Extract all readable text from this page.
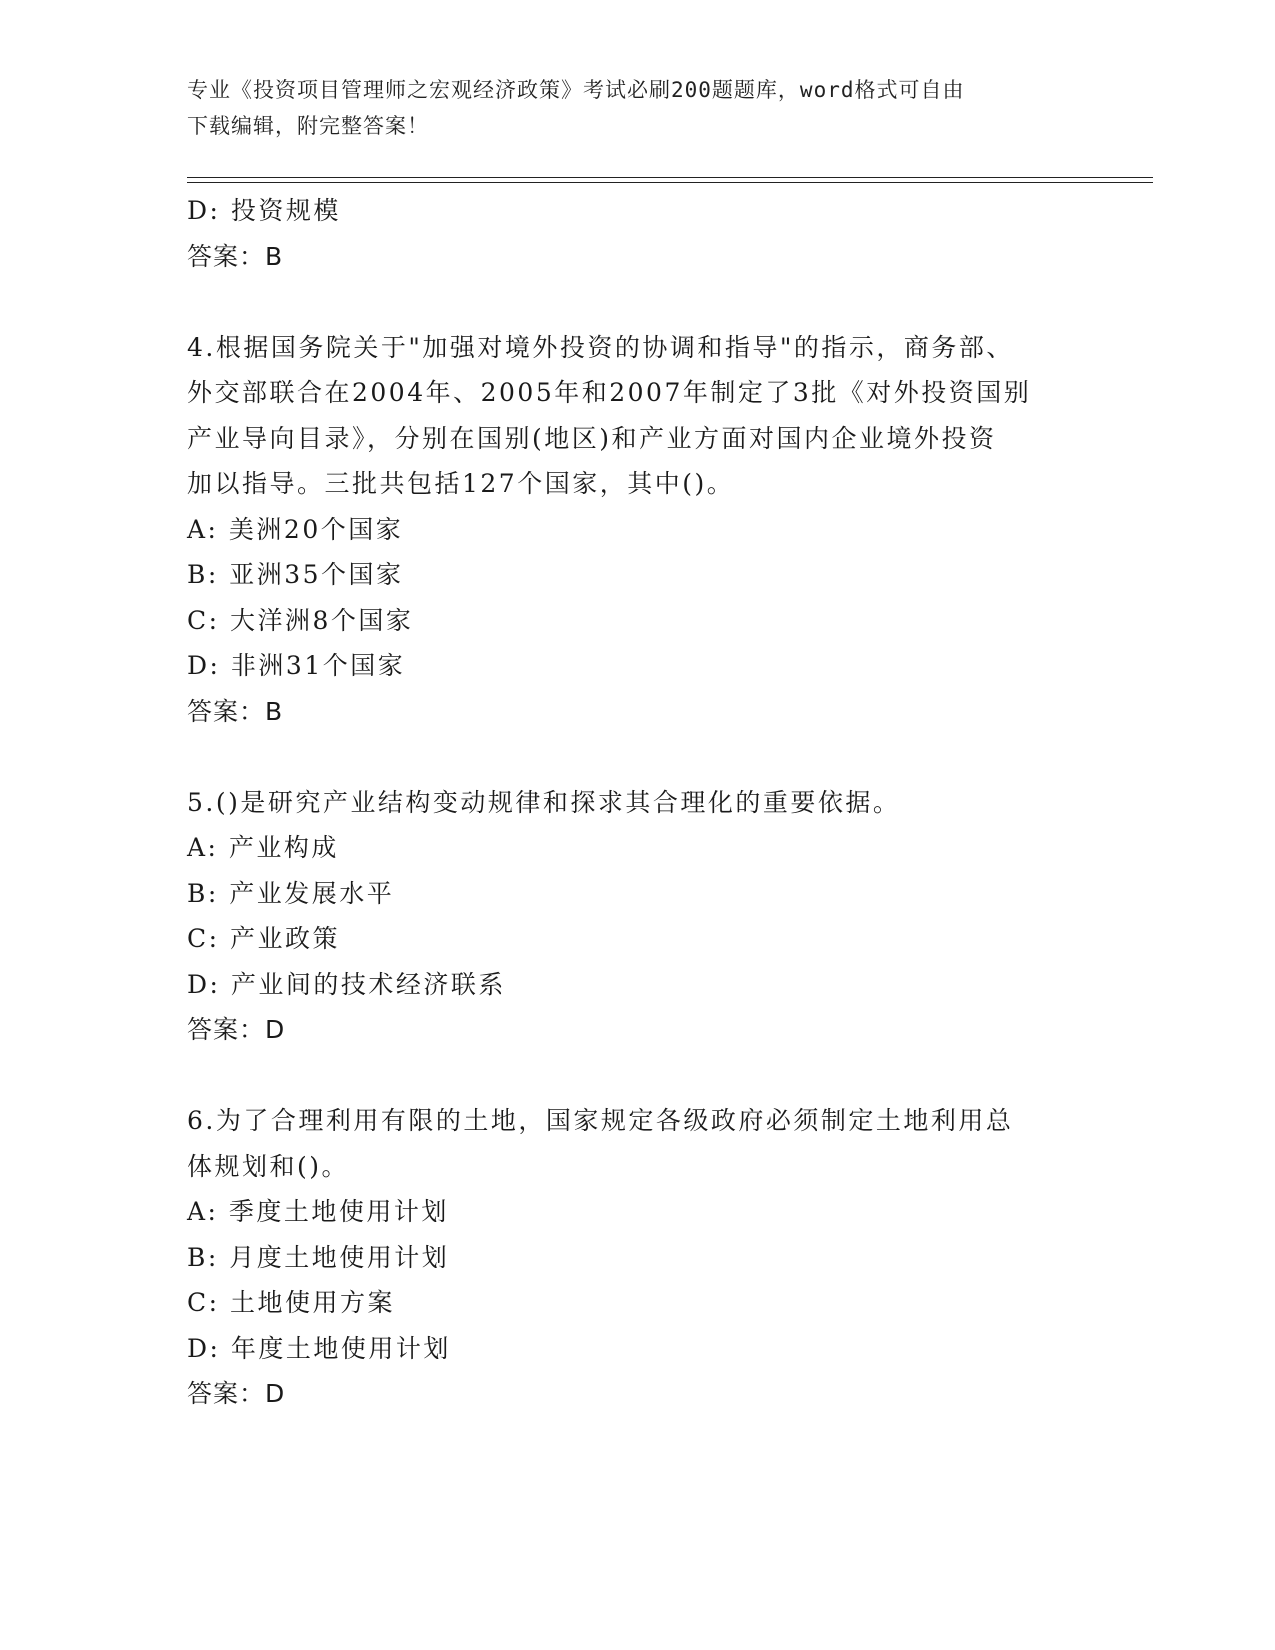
专业《投资项目管理师之宏观经济政策》考试必刷200题题库，word格式可自由
下载编辑，附完整答案！

D: 投资规模

答案：B

4.根据国务院关于"加强对境外投资的协调和指导"的指示，商务部、

外交部联合在2004年、2005年和2007年制定了3批《对外投资国别

产业导向目录》，分别在国别(地区)和产业方面对国内企业境外投资

加以指导。三批共包括127个国家，其中()。

A: 美洲20个国家

B: 亚洲35个国家

C: 大洋洲8个国家

D: 非洲31个国家

答案：B

5.()是研究产业结构变动规律和探求其合理化的重要依据。

A: 产业构成

B: 产业发展水平

C: 产业政策

D: 产业间的技术经济联系

答案：D

6.为了合理利用有限的土地，国家规定各级政府必须制定土地利用总

体规划和()。

A: 季度土地使用计划

B: 月度土地使用计划

C: 土地使用方案

D: 年度土地使用计划

答案：D
